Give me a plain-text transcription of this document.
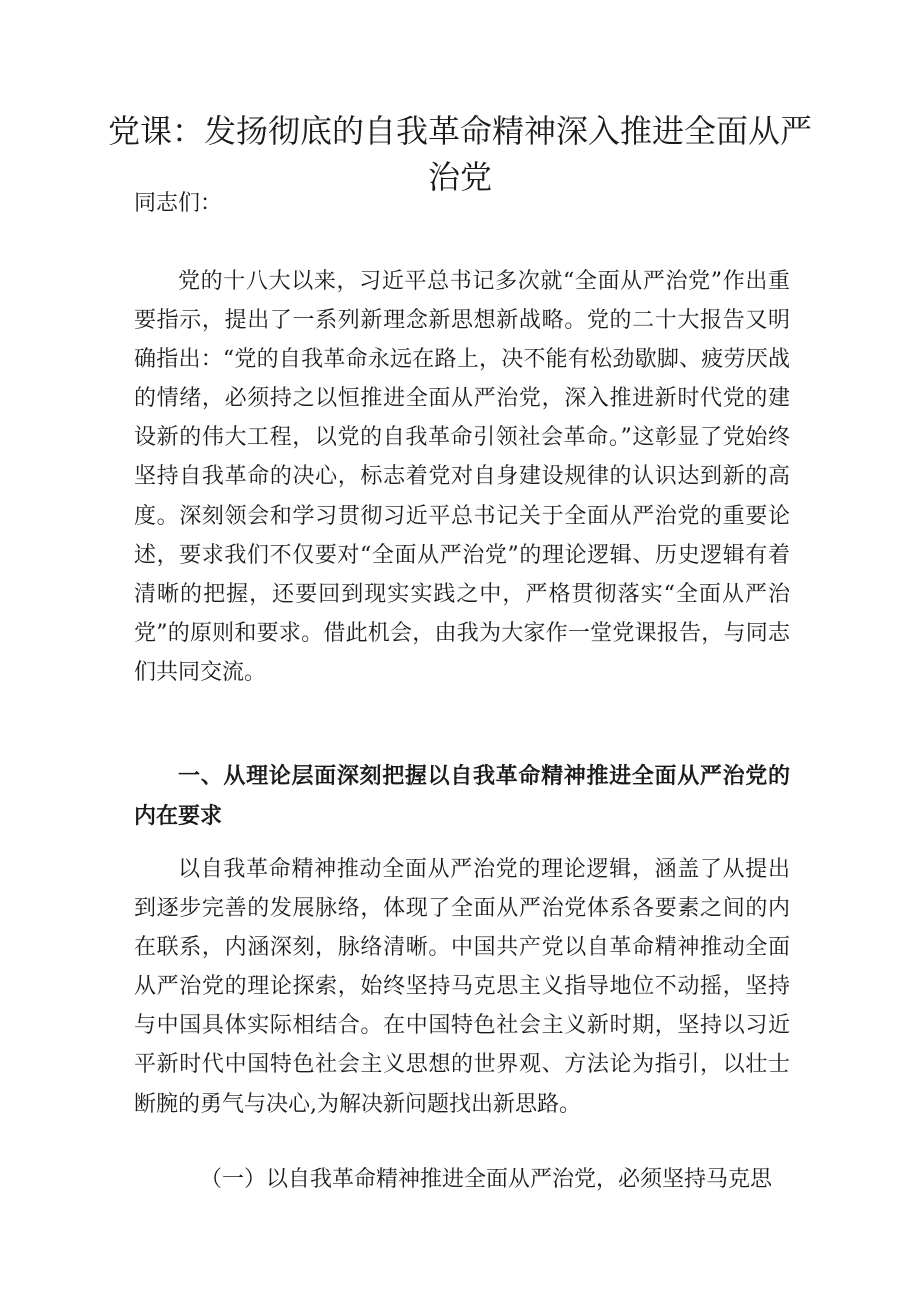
党课：发扬彻底的自我革命精神深入推进全面从严治党

同志们：

党的十八大以来，习近平总书记多次就“全面从严治党”作出重要指示，提出了一系列新理念新思想新战略。党的二十大报告又明确指出：“党的自我革命永远在路上，决不能有松劲歇脚、疲劳厌战的情绪，必须持之以恒推进全面从严治党，深入推进新时代党的建设新的伟大工程，以党的自我革命引领社会革命。”这彰显了党始终坚持自我革命的决心，标志着党对自身建设规律的认识达到新的高度。深刻领会和学习贯彻习近平总书记关于全面从严治党的重要论述，要求我们不仅要对“全面从严治党”的理论逻辑、历史逻辑有着清晰的把握，还要回到现实实践之中，严格贯彻落实“全面从严治党”的原则和要求。借此机会，由我为大家作一堂党课报告，与同志们共同交流。

一、从理论层面深刻把握以自我革命精神推进全面从严治党的内在要求

以自我革命精神推动全面从严治党的理论逻辑，涵盖了从提出到逐步完善的发展脉络，体现了全面从严治党体系各要素之间的内在联系，内涵深刻，脉络清晰。中国共产党以自革命精神推动全面从严治党的理论探索，始终坚持马克思主义指导地位不动摇，坚持与中国具体实际相结合。在中国特色社会主义新时期，坚持以习近平新时代中国特色社会主义思想的世界观、方法论为指引，以壮士断腕的勇气与决心,为解决新问题找出新思路。

（一）以自我革命精神推进全面从严治党，必须坚持马克思
